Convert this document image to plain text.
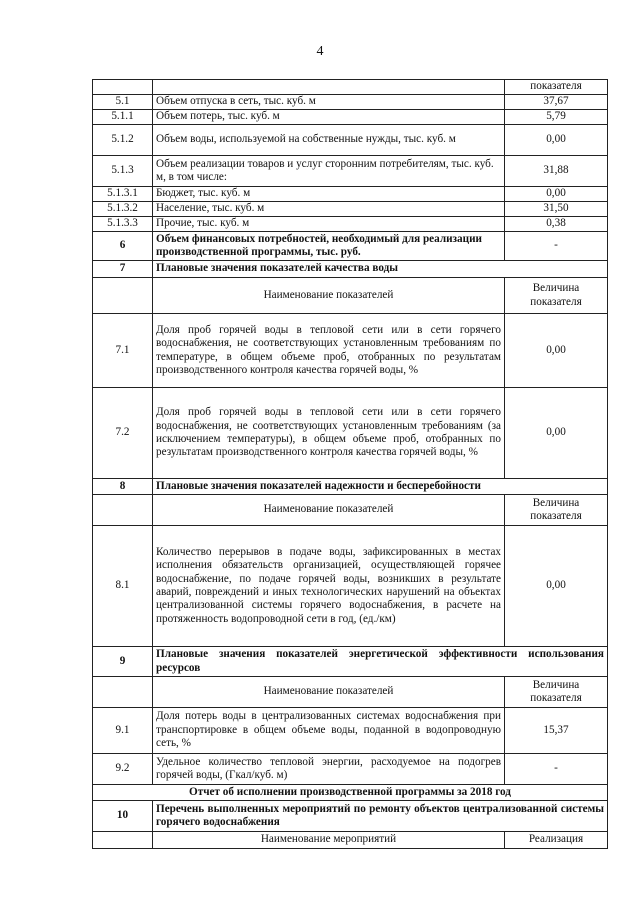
4
		показателя
5.1	Объем отпуска в сеть, тыс. куб. м	37,67
5.1.1	Объем потерь, тыс. куб. м	5,79
5.1.2	Объем воды, используемой на собственные нужды, тыс. куб. м	0,00
5.1.3	Объем реализации товаров и услуг сторонним потребителям, тыс. куб. м, в том числе:	31,88
5.1.3.1	Бюджет, тыс. куб. м	0,00
5.1.3.2	Население, тыс. куб. м	31,50
5.1.3.3	Прочие, тыс. куб. м	0,38
6	Объем финансовых потребностей, необходимый для реализации производственной программы, тыс. руб.	-
7	Плановые значения показателей качества воды	
	Наименование показателей	Величина показателя
7.1	Доля проб горячей воды в тепловой сети или в сети горячего водоснабжения, не соответствующих установленным требованиям по температуре, в общем объеме проб, отобранных по результатам производственного контроля качества горячей воды, %	0,00
7.2	Доля проб горячей воды в тепловой сети или в сети горячего водоснабжения, не соответствующих установленным требованиям (за исключением температуры), в общем объеме проб, отобранных по результатам производственного контроля качества горячей воды, %	0,00
8	Плановые значения показателей надежности и бесперебойности	
	Наименование показателей	Величина показателя
8.1	Количество перерывов в подаче воды, зафиксированных в местах исполнения обязательств организацией, осуществляющей горячее водоснабжение, по подаче горячей воды, возникших в результате аварий, повреждений и иных технологических нарушений на объектах централизованной системы горячего водоснабжения, в расчете на протяженность водопроводной сети в год, (ед./км)	0,00
9	Плановые значения показателей энергетической эффективности использования ресурсов	
	Наименование показателей	Величина показателя
9.1	Доля потерь воды в централизованных системах водоснабжения при транспортировке в общем объеме воды, поданной в водопроводную сеть, %	15,37
9.2	Удельное количество тепловой энергии, расходуемое на подогрев горячей воды, (Гкал/куб. м)	-
Отчет об исполнении производственной программы за 2018 год		
10	Перечень выполненных мероприятий по ремонту объектов централизованной системы горячего водоснабжения	
	Наименование мероприятий	Реализация
